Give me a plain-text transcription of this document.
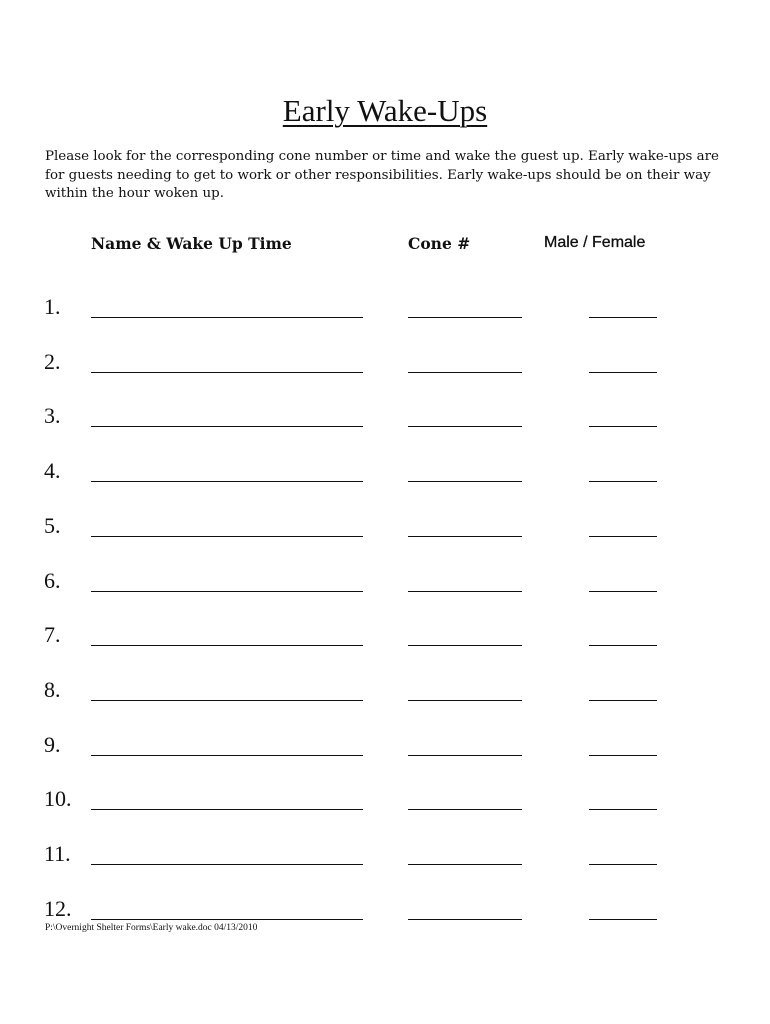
Early Wake-Ups

Please look for the corresponding cone number or time and wake the guest up. Early wake-ups are for guests needing to get to work or other responsibilities. Early wake-ups should be on their way within the hour woken up.

Name & Wake Up Time	Cone #	Male / Female
1.
2.
3.
4.
5.
6.
7.
8.
9.
10.
11.
12.
P:\Overnight Shelter Forms\Early wake.doc 04/13/2010
